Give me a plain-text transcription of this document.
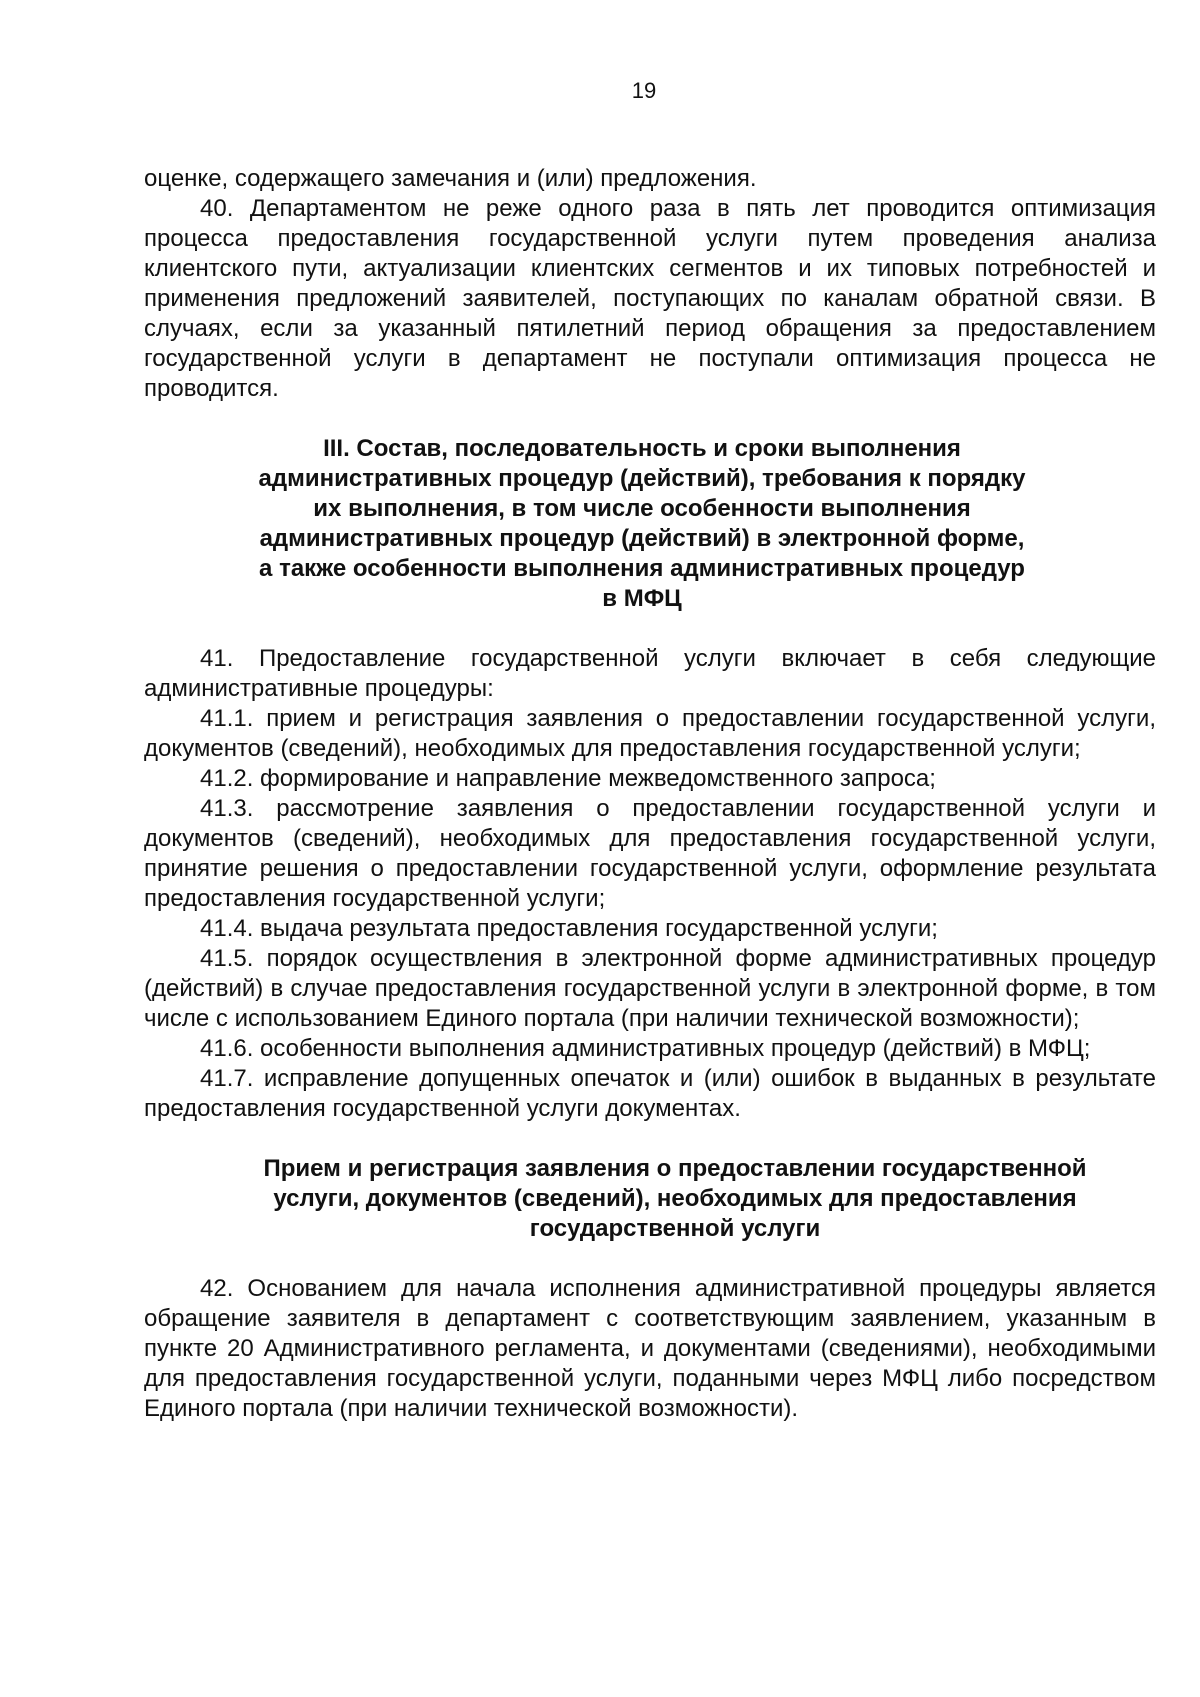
19

оценке, содержащего замечания и (или) предложения.

40. Департаментом не реже одного раза в пять лет проводится оптимизация процесса предоставления государственной услуги путем проведения анализа клиентского пути, актуализации клиентских сегментов и их типовых потребностей и применения предложений заявителей, поступающих по каналам обратной связи. В случаях, если за указанный пятилетний период обращения за предоставлением государственной услуги в департамент не поступали оптимизация процесса не проводится.

III. Состав, последовательность и сроки выполнения
административных процедур (действий), требования к порядку
их выполнения, в том числе особенности выполнения
административных процедур (действий) в электронной форме,
а также особенности выполнения административных процедур
в МФЦ

41. Предоставление государственной услуги включает в себя следующие административные процедуры:

41.1. прием и регистрация заявления о предоставлении государственной услуги, документов (сведений), необходимых для предоставления государственной услуги;

41.2. формирование и направление межведомственного запроса;

41.3. рассмотрение заявления о предоставлении государственной услуги и документов (сведений), необходимых для предоставления государственной услуги, принятие решения о предоставлении государственной услуги, оформление результата предоставления государственной услуги;

41.4. выдача результата предоставления государственной услуги;

41.5. порядок осуществления в электронной форме административных процедур (действий) в случае предоставления государственной услуги в электронной форме, в том числе с использованием Единого портала (при наличии технической возможности);

41.6. особенности выполнения административных процедур (действий) в МФЦ;

41.7. исправление допущенных опечаток и (или) ошибок в выданных в результате предоставления государственной услуги документах.

Прием и регистрация заявления о предоставлении государственной
услуги, документов (сведений), необходимых для предоставления
государственной услуги

42. Основанием для начала исполнения административной процедуры является обращение заявителя в департамент с соответствующим заявлением, указанным в пункте 20 Административного регламента, и документами (сведениями), необходимыми для предоставления государственной услуги, поданными через МФЦ либо посредством Единого портала (при наличии технической возможности).
